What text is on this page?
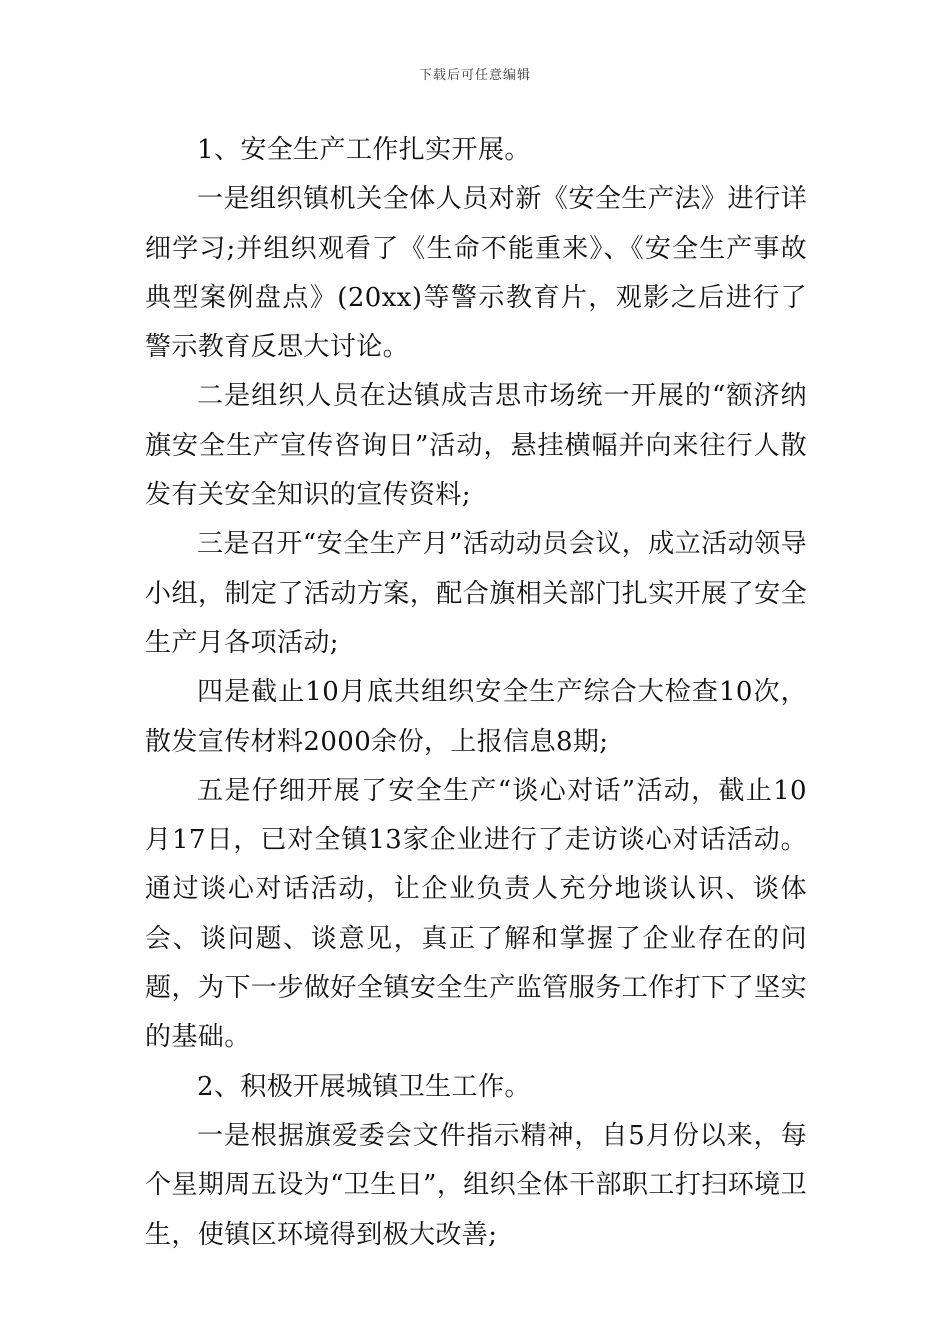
下载后可任意编辑

1、安全生产工作扎实开展。

一是组织镇机关全体人员对新《安全生产法》进行详细学习;并组织观看了《生命不能重来》、《安全生产事故典型案例盘点》(20xx)等警示教育片，观影之后进行了警示教育反思大讨论。

二是组织人员在达镇成吉思市场统一开展的“额济纳旗安全生产宣传咨询日”活动，悬挂横幅并向来往行人散发有关安全知识的宣传资料;

三是召开“安全生产月”活动动员会议，成立活动领导小组，制定了活动方案，配合旗相关部门扎实开展了安全生产月各项活动;

四是截止10月底共组织安全生产综合大检查10次，散发宣传材料2000余份，上报信息8期;

五是仔细开展了安全生产“谈心对话”活动，截止10月17日，已对全镇13家企业进行了走访谈心对话活动。通过谈心对话活动，让企业负责人充分地谈认识、谈体会、谈问题、谈意见，真正了解和掌握了企业存在的问题，为下一步做好全镇安全生产监管服务工作打下了坚实的基础。

2、积极开展城镇卫生工作。

一是根据旗爱委会文件指示精神，自5月份以来，每个星期周五设为“卫生日”，组织全体干部职工打扫环境卫生，使镇区环境得到极大改善;
